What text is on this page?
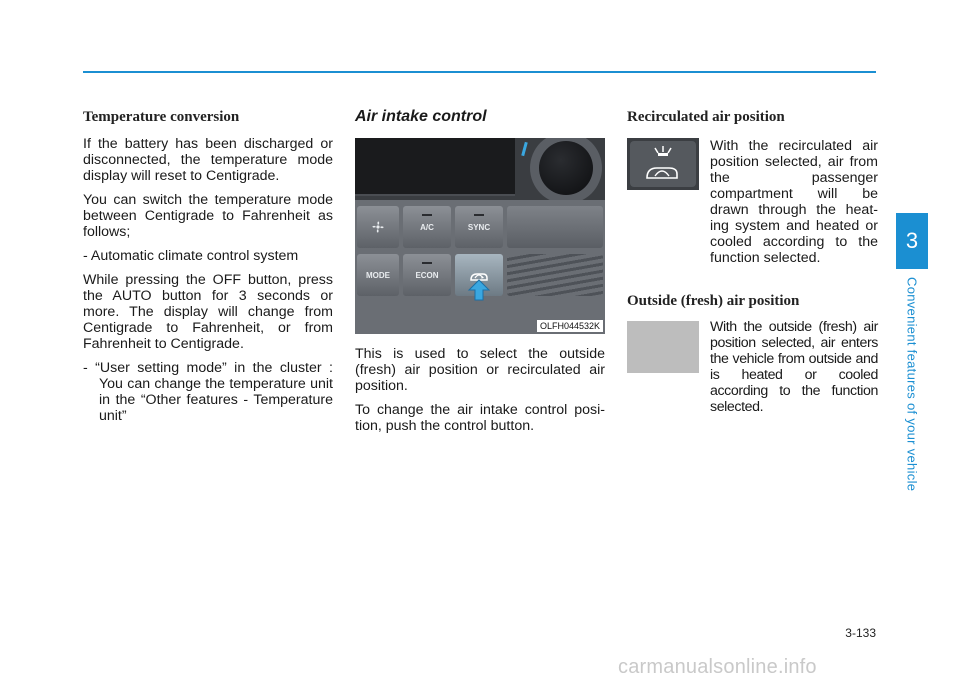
Temperature conversion

If the battery has been discharged or disconnected, the temperature mode display will reset to Centigrade.

You can switch the temperature mode between Centigrade to Fahrenheit as follows;

- Automatic climate control system

While pressing the OFF button, press the AUTO button for 3 seconds or more. The display will change from Centigrade to Fahrenheit, or from Fahrenheit to Centigrade.

- “User setting mode” in the cluster : You can change the temperature unit in the “Other features - Temperature unit”

Air intake control
A/C	SYNC
MODE	ECON
OLFH044532K

This is used to select the outside (fresh) air position or recirculated air position.

To change the air intake control posi-tion, push the control button.

Recirculated air position

With the recirculated air position selected, air from the passenger compartment will be drawn through the heat-ing system and heated or cooled according to the function selected.

Outside (fresh) air position

With the outside (fresh) air position selected, air enters the vehicle from outside and is heated or cooled according to the function selected.

3
Convenient features of your vehicle
3-133
carmanualsonline.info
